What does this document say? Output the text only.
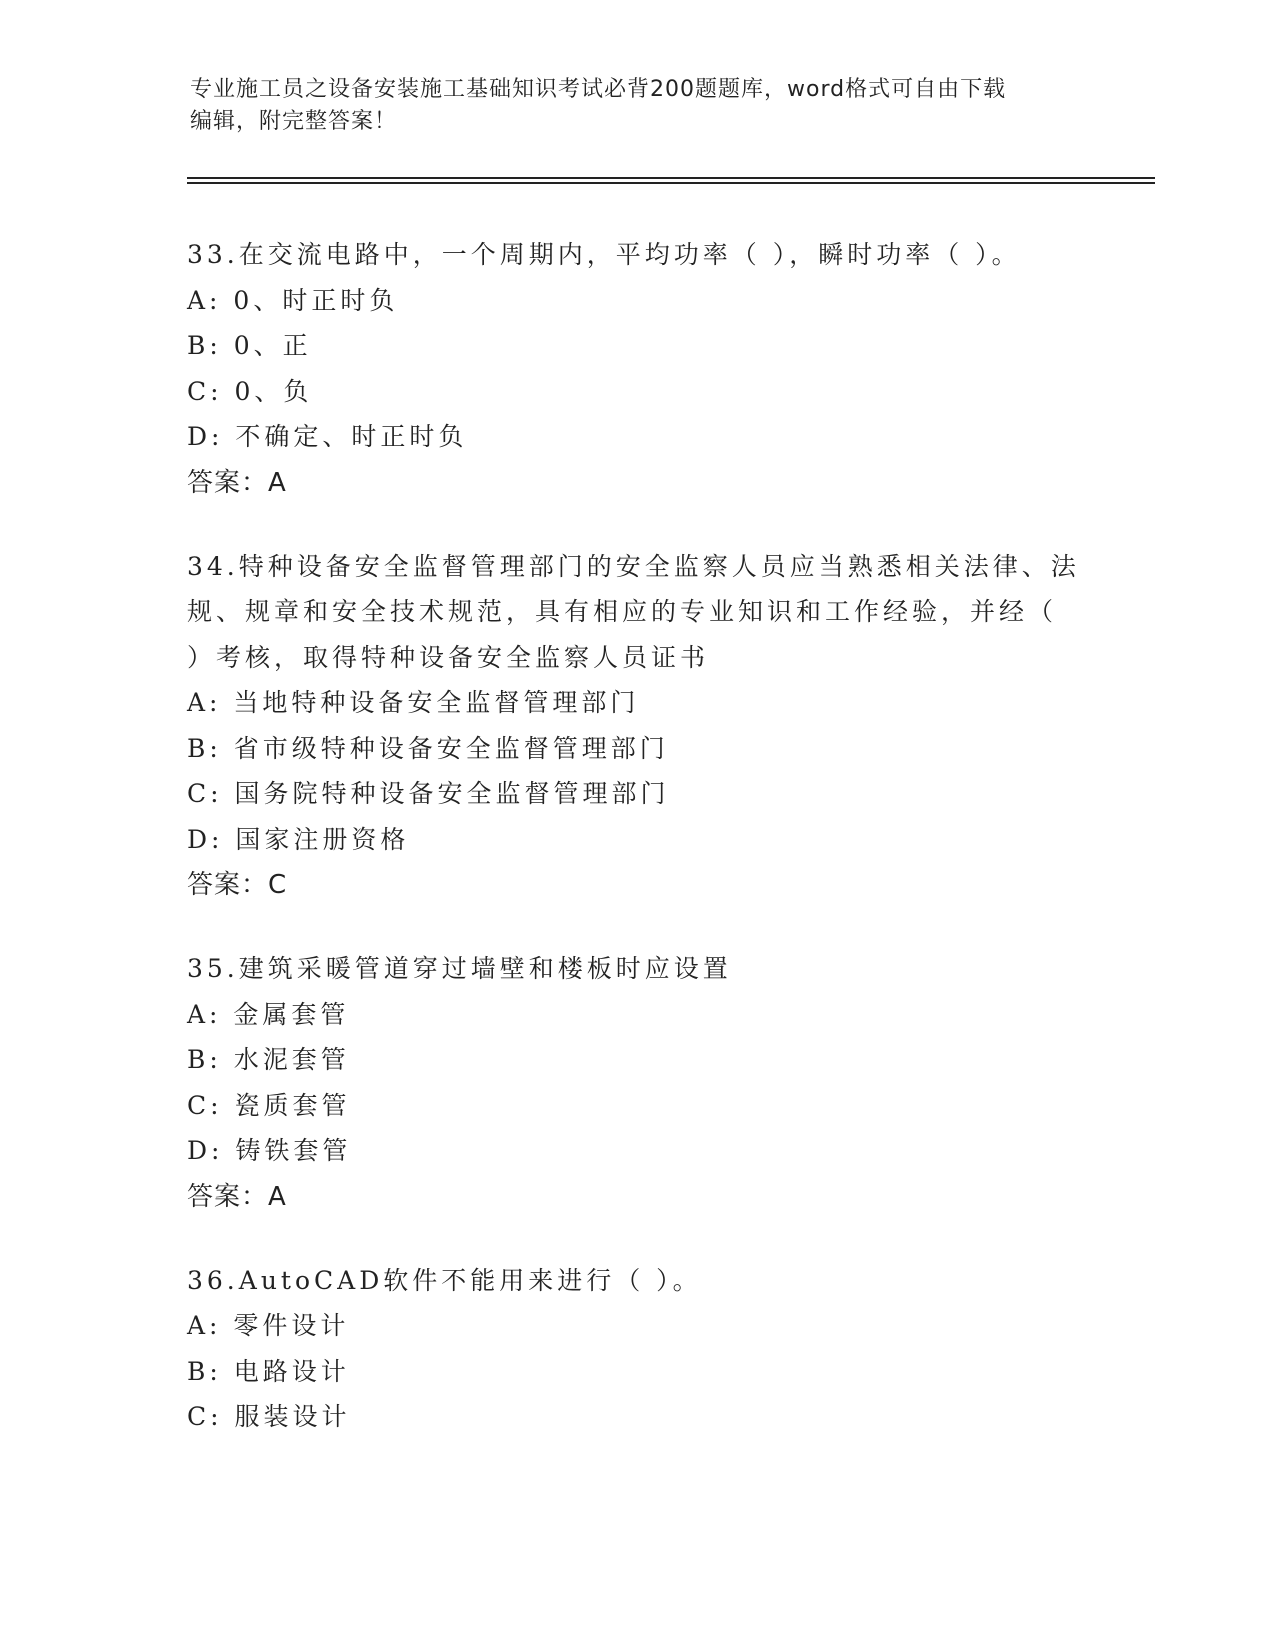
专业施工员之设备安装施工基础知识考试必背200题题库，word格式可自由下载
编辑，附完整答案！
33.在交流电路中，一个周期内，平均功率（ ），瞬时功率（ ）。
A: 0、时正时负
B: 0、正
C: 0、负
D: 不确定、时正时负
答案：A
34.特种设备安全监督管理部门的安全监察人员应当熟悉相关法律、法
规、规章和安全技术规范，具有相应的专业知识和工作经验，并经（
）考核，取得特种设备安全监察人员证书
A: 当地特种设备安全监督管理部门
B: 省市级特种设备安全监督管理部门
C: 国务院特种设备安全监督管理部门
D: 国家注册资格
答案：C
35.建筑采暖管道穿过墙壁和楼板时应设置
A: 金属套管
B: 水泥套管
C: 瓷质套管
D: 铸铁套管
答案：A
36.AutoCAD软件不能用来进行（ ）。
A: 零件设计
B: 电路设计
C: 服装设计
